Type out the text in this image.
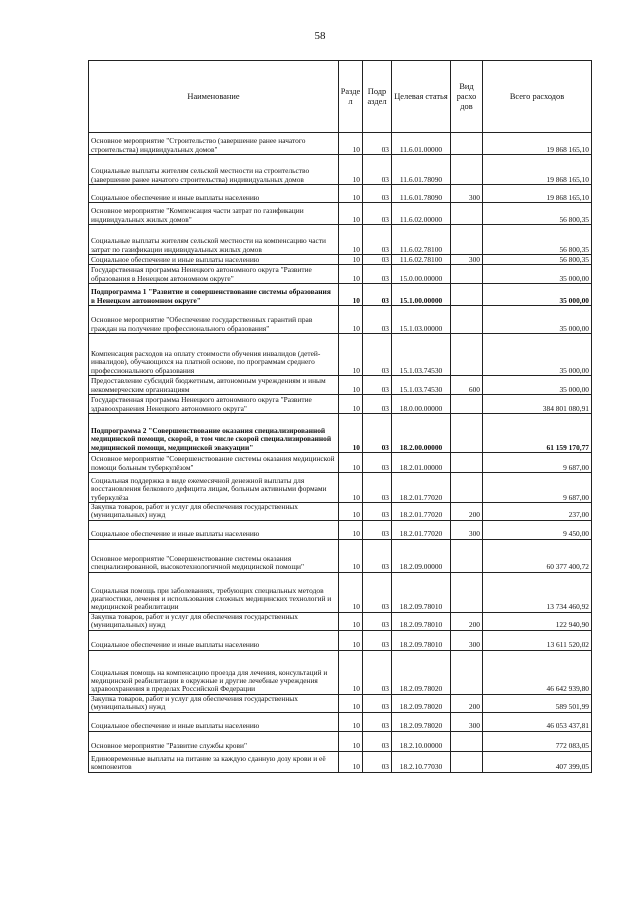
58
Наименование	Разде л	Подр аздел	Целевая статья	Вид расхо дов	Всего расходов
Основное мероприятие "Строительство (завершение ранее начатого строительства) индивидуальных домов"	10	03	11.6.01.00000		19 868 165,10
Социальные выплаты жителям сельской местности на строительство (завершение ранее начатого строительства) индивидуальных домов	10	03	11.6.01.78090		19 868 165,10
Социальное обеспечение и иные выплаты населению	10	03	11.6.01.78090	300	19 868 165,10
Основное мероприятие "Компенсация части затрат по газификации индивидуальных жилых домов"	10	03	11.6.02.00000		56 800,35
Социальные выплаты жителям сельской местности на компенсацию части затрат по газификации индивидуальных жилых домов	10	03	11.6.02.78100		56 800,35
Социальное обеспечение и иные выплаты населению	10	03	11.6.02.78100	300	56 800,35
Государственная программа Ненецкого автономного округа "Развитие образования в Ненецком автономном округе"	10	03	15.0.00.00000		35 000,00
Подпрограмма 1 "Развитие и совершенствование системы образования в Ненецком автономном округе"	10	03	15.1.00.00000		35 000,00
Основное мероприятие "Обеспечение государственных гарантий прав граждан на получение профессионального образования"	10	03	15.1.03.00000		35 000,00
Компенсация расходов на оплату стоимости обучения инвалидов (детей-инвалидов), обучающихся на платной основе, по программам среднего профессионального образования	10	03	15.1.03.74530		35 000,00
Предоставление субсидий бюджетным, автономным учреждениям и иным некоммерческим организациям	10	03	15.1.03.74530	600	35 000,00
Государственная программа Ненецкого автономного округа "Развитие здравоохранения Ненецкого автономного округа"	10	03	18.0.00.00000		384 801 080,91
Подпрограмма 2 "Совершенствование оказания специализированной медицинской помощи, скорой, в том числе скорой специализированной медицинской помощи, медицинской эвакуации"	10	03	18.2.00.00000		61 159 170,77
Основное мероприятие "Совершенствование системы оказания медицинской помощи больным туберкулёзом"	10	03	18.2.01.00000		9 687,00
Социальная поддержка в виде ежемесячной денежной выплаты для восстановления белкового дефицита лицам, больным активными формами туберкулёза	10	03	18.2.01.77020		9 687,00
Закупка товаров, работ и услуг для обеспечения государственных (муниципальных) нужд	10	03	18.2.01.77020	200	237,00
Социальное обеспечение и иные выплаты населению	10	03	18.2.01.77020	300	9 450,00
Основное мероприятие "Совершенствование системы оказания специализированной, высокотехнологичной медицинской помощи"	10	03	18.2.09.00000		60 377 400,72
Социальная помощь при заболеваниях, требующих специальных методов диагностики, лечения и использования сложных медицинских технологий и медицинской реабилитации	10	03	18.2.09.78010		13 734 460,92
Закупка товаров, работ и услуг для обеспечения государственных (муниципальных) нужд	10	03	18.2.09.78010	200	122 940,90
Социальное обеспечение и иные выплаты населению	10	03	18.2.09.78010	300	13 611 520,02
Социальная помощь на компенсацию проезда для лечения, консультаций и медицинской реабилитации в окружные и другие лечебные учреждения здравоохранения в пределах Российской Федерации	10	03	18.2.09.78020		46 642 939,80
Закупка товаров, работ и услуг для обеспечения государственных (муниципальных) нужд	10	03	18.2.09.78020	200	589 501,99
Социальное обеспечение и иные выплаты населению	10	03	18.2.09.78020	300	46 053 437,81
Основное мероприятие "Развитие службы крови"	10	03	18.2.10.00000		772 083,05
Единовременные выплаты на питание за каждую сданную дозу крови и её компонентов	10	03	18.2.10.77030		407 399,05
